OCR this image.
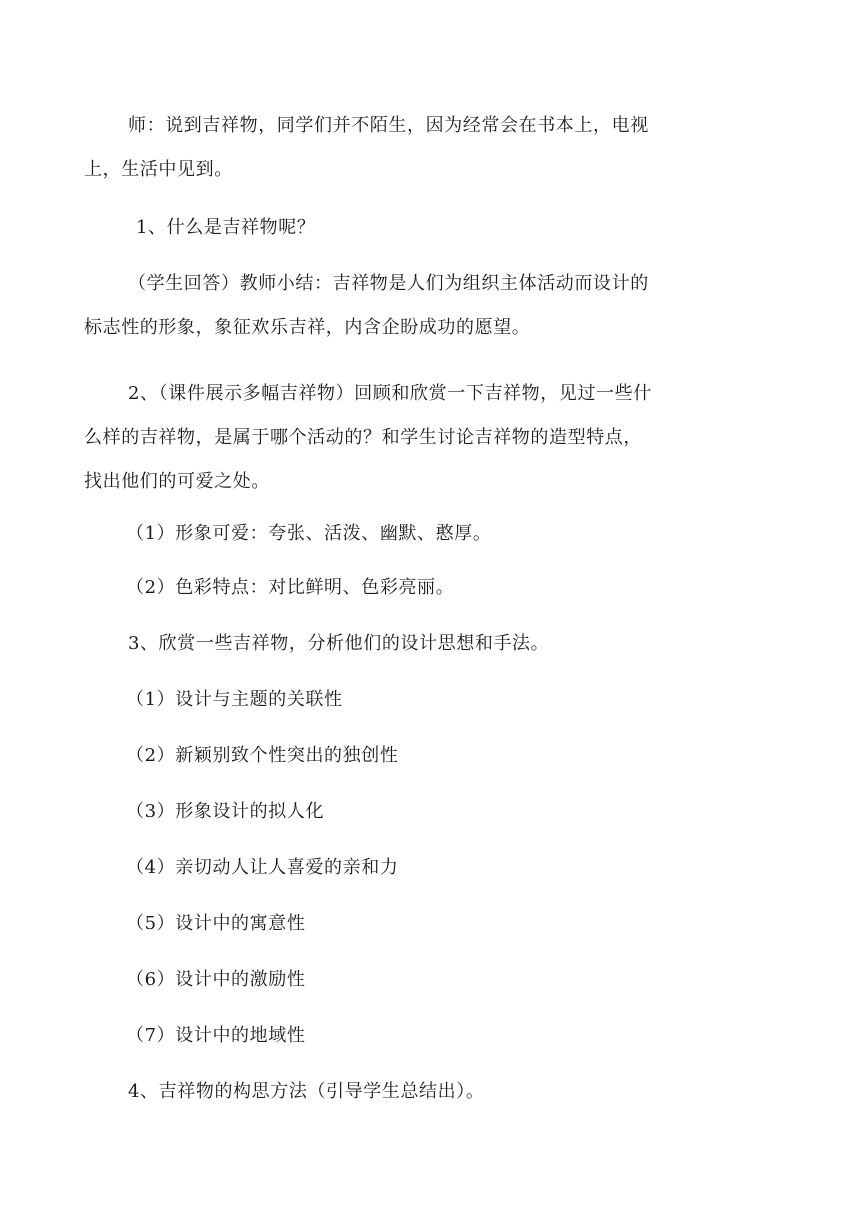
师：说到吉祥物，同学们并不陌生，因为经常会在书本上，电视
上，生活中见到。
1、什么是吉祥物呢？
（学生回答）教师小结：吉祥物是人们为组织主体活动而设计的
标志性的形象，象征欢乐吉祥，内含企盼成功的愿望。
2、（课件展示多幅吉祥物）回顾和欣赏一下吉祥物，见过一些什
么样的吉祥物，是属于哪个活动的？和学生讨论吉祥物的造型特点，
找出他们的可爱之处。
（1）形象可爱：夸张、活泼、幽默、憨厚。
（2）色彩特点：对比鲜明、色彩亮丽。
3、欣赏一些吉祥物，分析他们的设计思想和手法。
（1）设计与主题的关联性
（2）新颖别致个性突出的独创性
（3）形象设计的拟人化
（4）亲切动人让人喜爱的亲和力
（5）设计中的寓意性
（6）设计中的激励性
（7）设计中的地域性
4、吉祥物的构思方法（引导学生总结出）。
